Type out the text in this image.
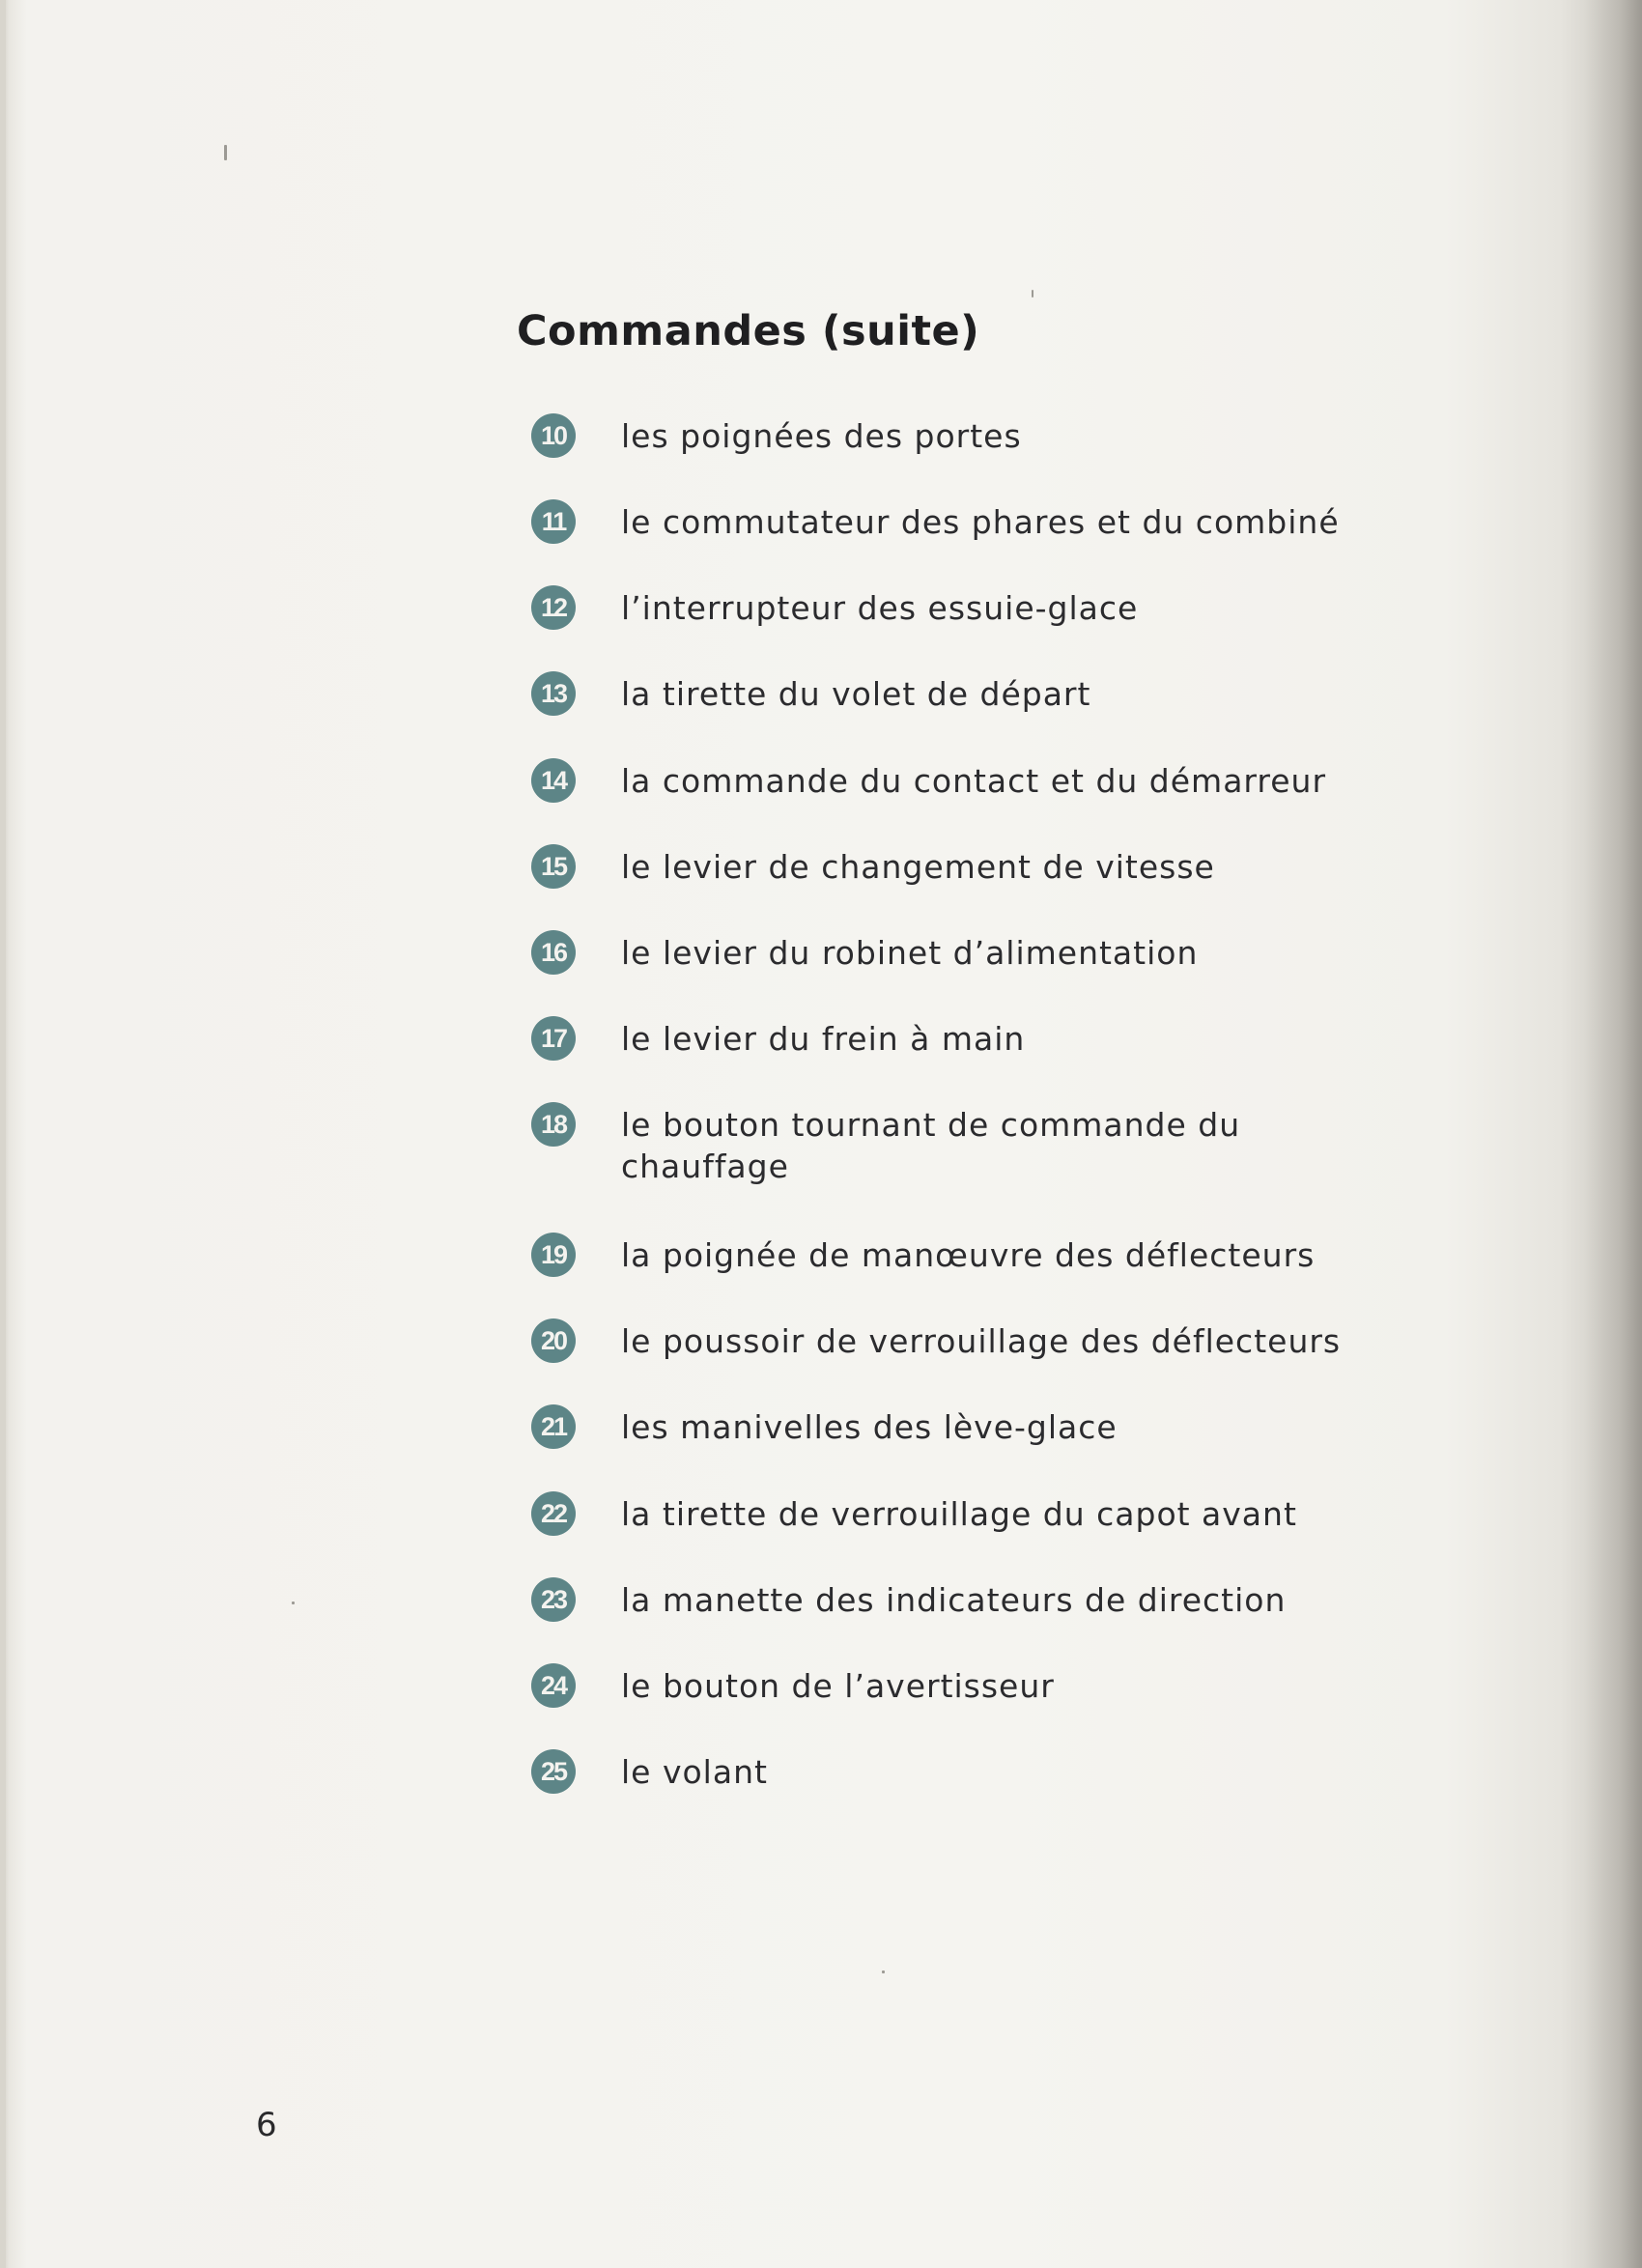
Commandes (suite)
10	les poignées des portes
11	le commutateur des phares et du combiné
12	l’interrupteur des essuie-glace
13	la tirette du volet de départ
14	la commande du contact et du démarreur
15	le levier de changement de vitesse
16	le levier du robinet d’alimentation
17	le levier du frein à main
18	le bouton tournant de commande du chauffage
19	la poignée de manœuvre des déflecteurs
20	le poussoir de verrouillage des déflecteurs
21	les manivelles des lève-glace
22	la tirette de verrouillage du capot avant
23	la manette des indicateurs de direction
24	le bouton de l’avertisseur
25	le volant
6
